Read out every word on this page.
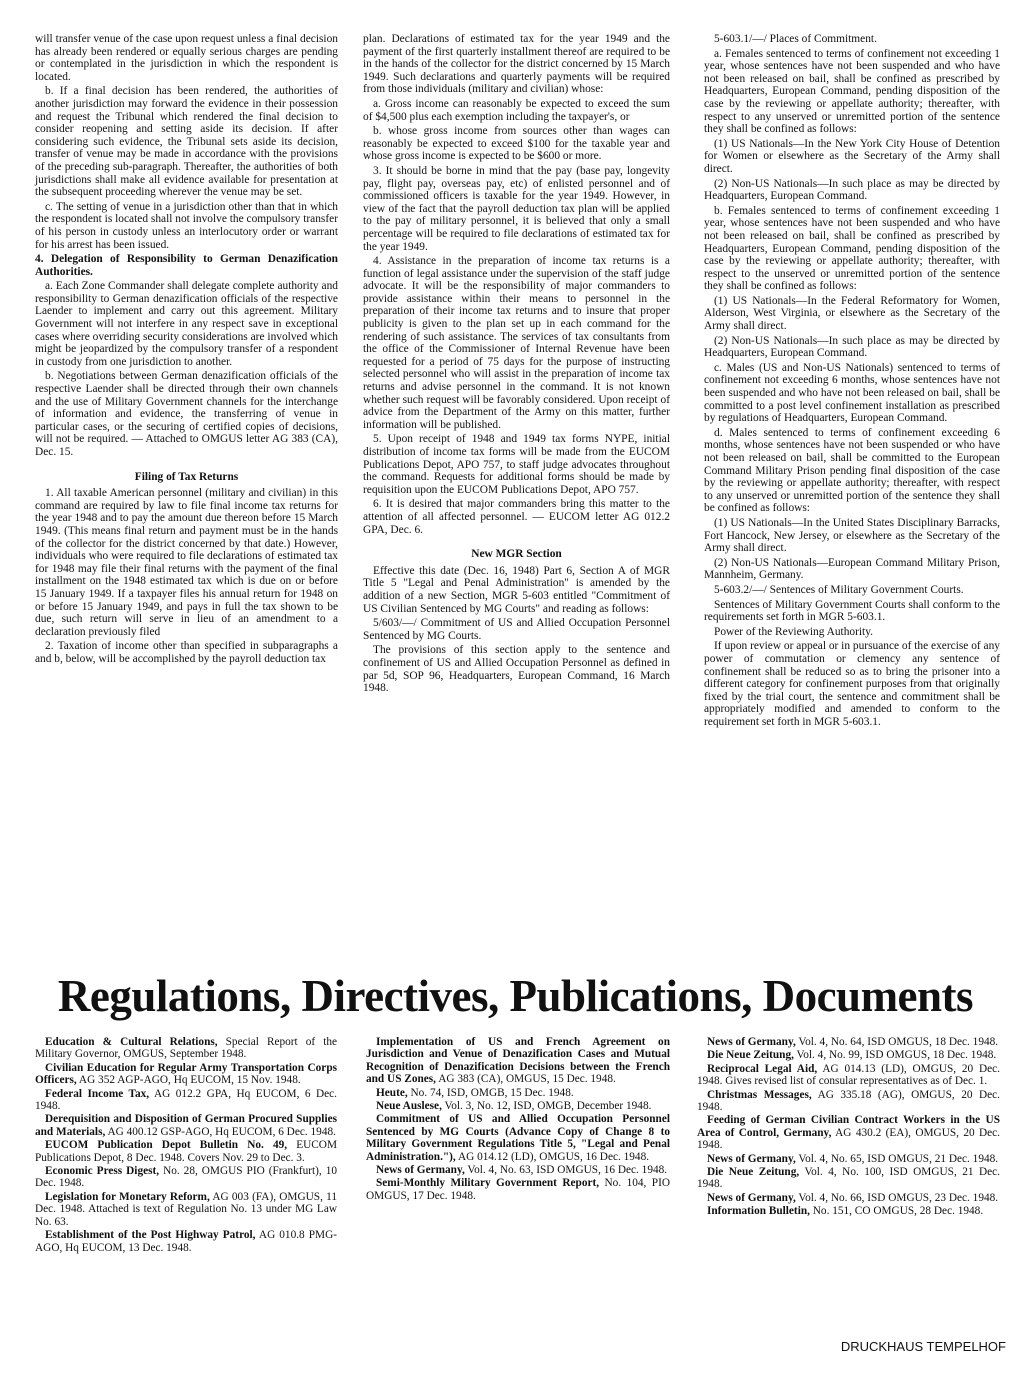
will transfer venue of the case upon request unless a final decision has already been rendered or equally serious charges are pending or contemplated in the jurisdiction in which the respondent is located.

b. If a final decision has been rendered, the authorities of another jurisdiction may forward the evidence in their possession and request the Tribunal which rendered the final decision to consider reopening and setting aside its decision. If after considering such evidence, the Tribunal sets aside its decision, transfer of venue may be made in accordance with the provisions of the preceding sub-paragraph. Thereafter, the authorities of both jurisdictions shall make all evidence available for presentation at the subsequent proceeding wherever the venue may be set.

c. The setting of venue in a jurisdiction other than that in which the respondent is located shall not involve the compulsory transfer of his person in custody unless an interlocutory order or warrant for his arrest has been issued.

4. Delegation of Responsibility to German Denazification Authorities.

a. Each Zone Commander shall delegate complete authority and responsibility to German denazification officials of the respective Laender to implement and carry out this agreement. Military Government will not interfere in any respect save in exceptional cases where overriding security considerations are involved which might be jeopardized by the compulsory transfer of a respondent in custody from one jurisdiction to another.

b. Negotiations between German denazification officials of the respective Laender shall be directed through their own channels and the use of Military Government channels for the interchange of information and evidence, the transferring of venue in particular cases, or the securing of certified copies of decisions, will not be required. — Attached to OMGUS letter AG 383 (CA), Dec. 15.

Filing of Tax Returns

1. All taxable American personnel (military and civilian) in this command are required by law to file final income tax returns for the year 1948 and to pay the amount due thereon before 15 March 1949. (This means final return and payment must be in the hands of the collector for the district concerned by that date.) However, individuals who were required to file declarations of estimated tax for 1948 may file their final returns with the payment of the final installment on the 1948 estimated tax which is due on or before 15 January 1949. If a taxpayer files his annual return for 1948 on or before 15 January 1949, and pays in full the tax shown to be due, such return will serve in lieu of an amendment to a declaration previously filed

2. Taxation of income other than specified in subparagraphs a and b, below, will be accomplished by the payroll deduction tax

plan. Declarations of estimated tax for the year 1949 and the payment of the first quarterly installment thereof are required to be in the hands of the collector for the district concerned by 15 March 1949. Such declarations and quarterly payments will be required from those individuals (military and civilian) whose:

a. Gross income can reasonably be expected to exceed the sum of $4,500 plus each exemption including the taxpayer's, or

b. whose gross income from sources other than wages can reasonably be expected to exceed $100 for the taxable year and whose gross income is expected to be $600 or more.

3. It should be borne in mind that the pay (base pay, longevity pay, flight pay, overseas pay, etc) of enlisted personnel and of commissioned officers is taxable for the year 1949. However, in view of the fact that the payroll deduction tax plan will be applied to the pay of military personnel, it is believed that only a small percentage will be required to file declarations of estimated tax for the year 1949.

4. Assistance in the preparation of income tax returns is a function of legal assistance under the supervision of the staff judge advocate. It will be the responsibility of major commanders to provide assistance within their means to personnel in the preparation of their income tax returns and to insure that proper publicity is given to the plan set up in each command for the rendering of such assistance. The services of tax consultants from the office of the Commissioner of Internal Revenue have been requested for a period of 75 days for the purpose of instructing selected personnel who will assist in the preparation of income tax returns and advise personnel in the command. It is not known whether such request will be favorably considered. Upon receipt of advice from the Department of the Army on this matter, further information will be published.

5. Upon receipt of 1948 and 1949 tax forms NYPE, initial distribution of income tax forms will be made from the EUCOM Publications Depot, APO 757, to staff judge advocates throughout the command. Requests for additional forms should be made by requisition upon the EUCOM Publications Depot, APO 757.

6. It is desired that major commanders bring this matter to the attention of all affected personnel. — EUCOM letter AG 012.2 GPA, Dec. 6.

New MGR Section

Effective this date (Dec. 16, 1948) Part 6, Section A of MGR Title 5 "Legal and Penal Administration" is amended by the addition of a new Section, MGR 5-603 entitled "Commitment of US Civilian Sentenced by MG Courts" and reading as follows:

5/603/—/ Commitment of US and Allied Occupation Personnel Sentenced by MG Courts.

The provisions of this section apply to the sentence and confinement of US and Allied Occupation Personnel as defined in par 5d, SOP 96, Headquarters, European Command, 16 March 1948.

5-603.1/—/ Places of Commitment.

a. Females sentenced to terms of confinement not exceeding 1 year, whose sentences have not been suspended and who have not been released on bail, shall be confined as prescribed by Headquarters, European Command, pending disposition of the case by the reviewing or appellate authority; thereafter, with respect to any unserved or unremitted portion of the sentence they shall be confined as follows:

(1) US Nationals—In the New York City House of Detention for Women or elsewhere as the Secretary of the Army shall direct.

(2) Non-US Nationals—In such place as may be directed by Headquarters, European Command.

b. Females sentenced to terms of confinement exceeding 1 year, whose sentences have not been suspended and who have not been released on bail, shall be confined as prescribed by Headquarters, European Command, pending disposition of the case by the reviewing or appellate authority; thereafter, with respect to the unserved or unremitted portion of the sentence they shall be confined as follows:

(1) US Nationals—In the Federal Reformatory for Women, Alderson, West Virginia, or elsewhere as the Secretary of the Army shall direct.

(2) Non-US Nationals—In such place as may be directed by Headquarters, European Command.

c. Males (US and Non-US Nationals) sentenced to terms of confinement not exceeding 6 months, whose sentences have not been suspended and who have not been released on bail, shall be committed to a post level confinement installation as prescribed by regulations of Headquarters, European Command.

d. Males sentenced to terms of confinement exceeding 6 months, whose sentences have not been suspended or who have not been released on bail, shall be committed to the European Command Military Prison pending final disposition of the case by the reviewing or appellate authority; thereafter, with respect to any unserved or unremitted portion of the sentence they shall be confined as follows:

(1) US Nationals—In the United States Disciplinary Barracks, Fort Hancock, New Jersey, or elsewhere as the Secretary of the Army shall direct.

(2) Non-US Nationals—European Command Military Prison, Mannheim, Germany.

5-603.2/—/ Sentences of Military Government Courts.

Sentences of Military Government Courts shall conform to the requirements set forth in MGR 5-603.1.

Power of the Reviewing Authority.

If upon review or appeal or in pursuance of the exercise of any power of commutation or clemency any sentence of confinement shall be reduced so as to bring the prisoner into a different category for confinement purposes from that originally fixed by the trial court, the sentence and commitment shall be appropriately modified and amended to conform to the requirement set forth in MGR 5-603.1.

Regulations, Directives, Publications, Documents

Education & Cultural Relations, Special Report of the Military Governor, OMGUS, September 1948.

Civilian Education for Regular Army Transportation Corps Officers, AG 352 AGP-AGO, Hq EUCOM, 15 Nov. 1948.

Federal Income Tax, AG 012.2 GPA, Hq EUCOM, 6 Dec. 1948.

Derequisition and Disposition of German Procured Supplies and Materials, AG 400.12 GSP-AGO, Hq EUCOM, 6 Dec. 1948.

EUCOM Publication Depot Bulletin No. 49, EUCOM Publications Depot, 8 Dec. 1948. Covers Nov. 29 to Dec. 3.

Economic Press Digest, No. 28, OMGUS PIO (Frankfurt), 10 Dec. 1948.

Legislation for Monetary Reform, AG 003 (FA), OMGUS, 11 Dec. 1948. Attached is text of Regulation No. 13 under MG Law No. 63.

Establishment of the Post Highway Patrol, AG 010.8 PMG-AGO, Hq EUCOM, 13 Dec. 1948.

Implementation of US and French Agreement on Jurisdiction and Venue of Denazification Cases and Mutual Recognition of Denazification Decisions between the French and US Zones, AG 383 (CA), OMGUS, 15 Dec. 1948.

Heute, No. 74, ISD, OMGB, 15 Dec. 1948.

Neue Auslese, Vol. 3, No. 12, ISD, OMGB, December 1948.

Commitment of US and Allied Occupation Personnel Sentenced by MG Courts (Advance Copy of Change 8 to Military Government Regulations Title 5, "Legal and Penal Administration."), AG 014.12 (LD), OMGUS, 16 Dec. 1948.

News of Germany, Vol. 4, No. 63, ISD OMGUS, 16 Dec. 1948.

Semi-Monthly Military Government Report, No. 104, PIO OMGUS, 17 Dec. 1948.

News of Germany, Vol. 4, No. 64, ISD OMGUS, 18 Dec. 1948.

Die Neue Zeitung, Vol. 4, No. 99, ISD OMGUS, 18 Dec. 1948.

Reciprocal Legal Aid, AG 014.13 (LD), OMGUS, 20 Dec. 1948. Gives revised list of consular representatives as of Dec. 1.

Christmas Messages, AG 335.18 (AG), OMGUS, 20 Dec. 1948.

Feeding of German Civilian Contract Workers in the US Area of Control, Germany, AG 430.2 (EA), OMGUS, 20 Dec. 1948.

News of Germany, Vol. 4, No. 65, ISD OMGUS, 21 Dec. 1948.

Die Neue Zeitung, Vol. 4, No. 100, ISD OMGUS, 21 Dec. 1948.

News of Germany, Vol. 4, No. 66, ISD OMGUS, 23 Dec. 1948.

Information Bulletin, No. 151, CO OMGUS, 28 Dec. 1948.

DRUCKHAUS TEMPELHOF
